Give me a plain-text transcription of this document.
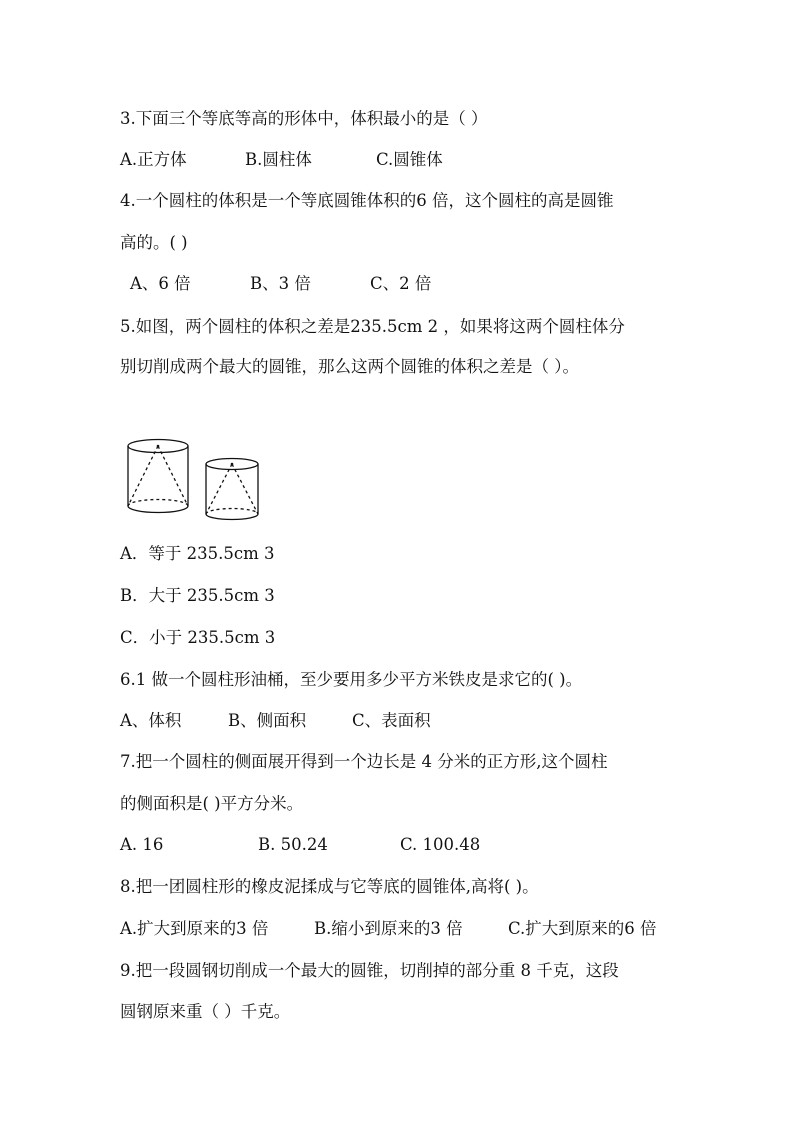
3.下面三个等底等高的形体中，体积最小的是（ ）
A.正方体	B.圆柱体	C.圆锥体
4.一个圆柱的体积是一个等底圆锥体积的6 倍，这个圆柱的高是圆锥
高的。( )
A、6 倍	B、3 倍	C、2 倍
5.如图，两个圆柱的体积之差是235.5cm 2 ，如果将这两个圆柱体分
别切削成两个最大的圆锥，那么这两个圆锥的体积之差是（ ）。
A．等于 235.5cm 3
B．大于 235.5cm 3
C．小于 235.5cm 3
6.1 做一个圆柱形油桶，至少要用多少平方米铁皮是求它的( )。
A、体积	B、侧面积	C、表面积
7.把一个圆柱的侧面展开得到一个边长是 4 分米的正方形,这个圆柱
的侧面积是( )平方分米。
A. 16	B. 50.24	C. 100.48
8.把一团圆柱形的橡皮泥揉成与它等底的圆锥体,高将( )。
A.扩大到原来的3 倍	B.缩小到原来的3 倍	C.扩大到原来的6 倍
9.把一段圆钢切削成一个最大的圆锥，切削掉的部分重 8 千克，这段
圆钢原来重（ ）千克。
